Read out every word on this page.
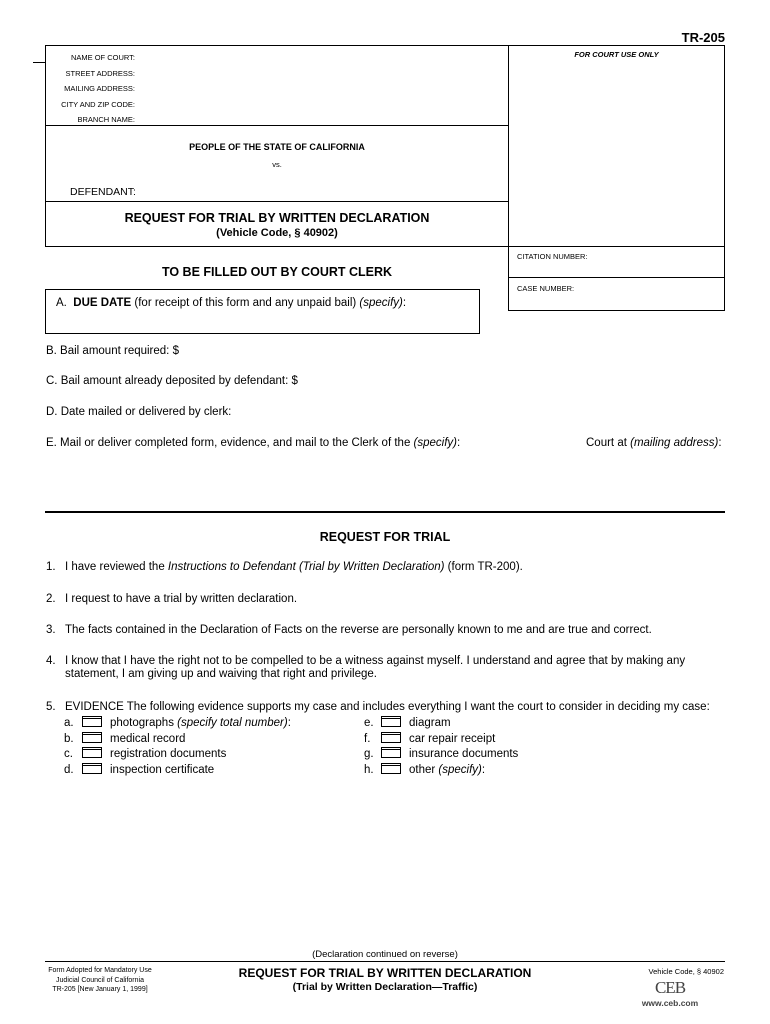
TR-205
NAME OF COURT:
STREET ADDRESS:
MAILING ADDRESS:
CITY AND ZIP CODE:
BRANCH NAME:
FOR COURT USE ONLY
PEOPLE OF THE STATE OF CALIFORNIA
vs.
DEFENDANT:
REQUEST FOR TRIAL BY WRITTEN DECLARATION
(Vehicle Code, § 40902)
CITATION NUMBER:
CASE NUMBER:
TO BE FILLED OUT BY COURT CLERK
A. DUE DATE (for receipt of this form and any unpaid bail) (specify):
B. Bail amount required: $
C. Bail amount already deposited by defendant: $
D. Date mailed or delivered by clerk:
E. Mail or deliver completed form, evidence, and mail to the Clerk of the (specify):	Court at (mailing address):
REQUEST FOR TRIAL
1. I have reviewed the Instructions to Defendant (Trial by Written Declaration) (form TR-200).
2. I request to have a trial by written declaration.
3. The facts contained in the Declaration of Facts on the reverse are personally known to me and are true and correct.
4. I know that I have the right not to be compelled to be a witness against myself. I understand and agree that by making any
statement, I am giving up and waiving that right and privilege.
5. EVIDENCE The following evidence supports my case and includes everything I want the court to consider in deciding my case:
a.	photographs (specify total number):
b.	medical record
c.	registration documents
d.	inspection certificate
e.	diagram
f.	car repair receipt
g.	insurance documents
h.	other (specify):
(Declaration continued on reverse)
Form Adopted for Mandatory Use
Judicial Council of California
TR-205 [New January 1, 1999]
REQUEST FOR TRIAL BY WRITTEN DECLARATION
(Trial by Written Declaration—Traffic)
Vehicle Code, § 40902
CEB
www.ceb.com
